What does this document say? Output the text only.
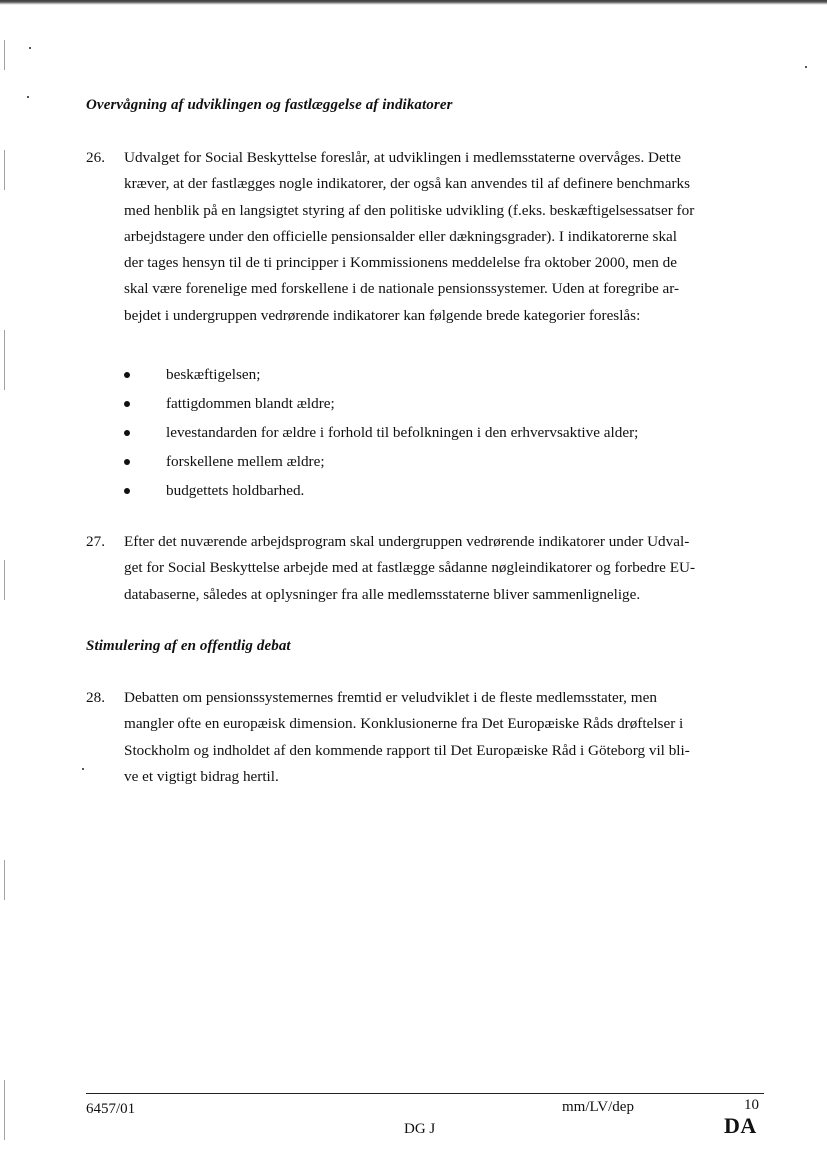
Overvågning af udviklingen og fastlæggelse af indikatorer
26.	Udvalget for Social Beskyttelse foreslår, at udviklingen i medlemsstaterne overvåges. Dette
kræver, at der fastlægges nogle indikatorer, der også kan anvendes til af definere benchmarks
med henblik på en langsigtet styring af den politiske udvikling (f.eks. beskæftigelsessatser for
arbejdstagere under den officielle pensionsalder eller dækningsgrader). I indikatorerne skal
der tages hensyn til de ti principper i Kommissionens meddelelse fra oktober 2000, men de
skal være forenelige med forskellene i de nationale pensionssystemer. Uden at foregribe ar-
bejdet i undergruppen vedrørende indikatorer kan følgende brede kategorier foreslås:
beskæftigelsen;
fattigdommen blandt ældre;
levestandarden for ældre i forhold til befolkningen i den erhvervsaktive alder;
forskellene mellem ældre;
budgettets holdbarhed.
27.	Efter det nuværende arbejdsprogram skal undergruppen vedrørende indikatorer under Udval-
get for Social Beskyttelse arbejde med at fastlægge sådanne nøgleindikatorer og forbedre EU-
databaserne, således at oplysninger fra alle medlemsstaterne bliver sammenlignelige.
Stimulering af en offentlig debat
28.	Debatten om pensionssystemernes fremtid er veludviklet i de fleste medlemsstater, men
mangler ofte en europæisk dimension. Konklusionerne fra Det Europæiske Råds drøftelser i
Stockholm og indholdet af den kommende rapport til Det Europæiske Råd i Göteborg vil bli-
ve et vigtigt bidrag hertil.
6457/01	mm/LV/dep	10
DG J	DA
